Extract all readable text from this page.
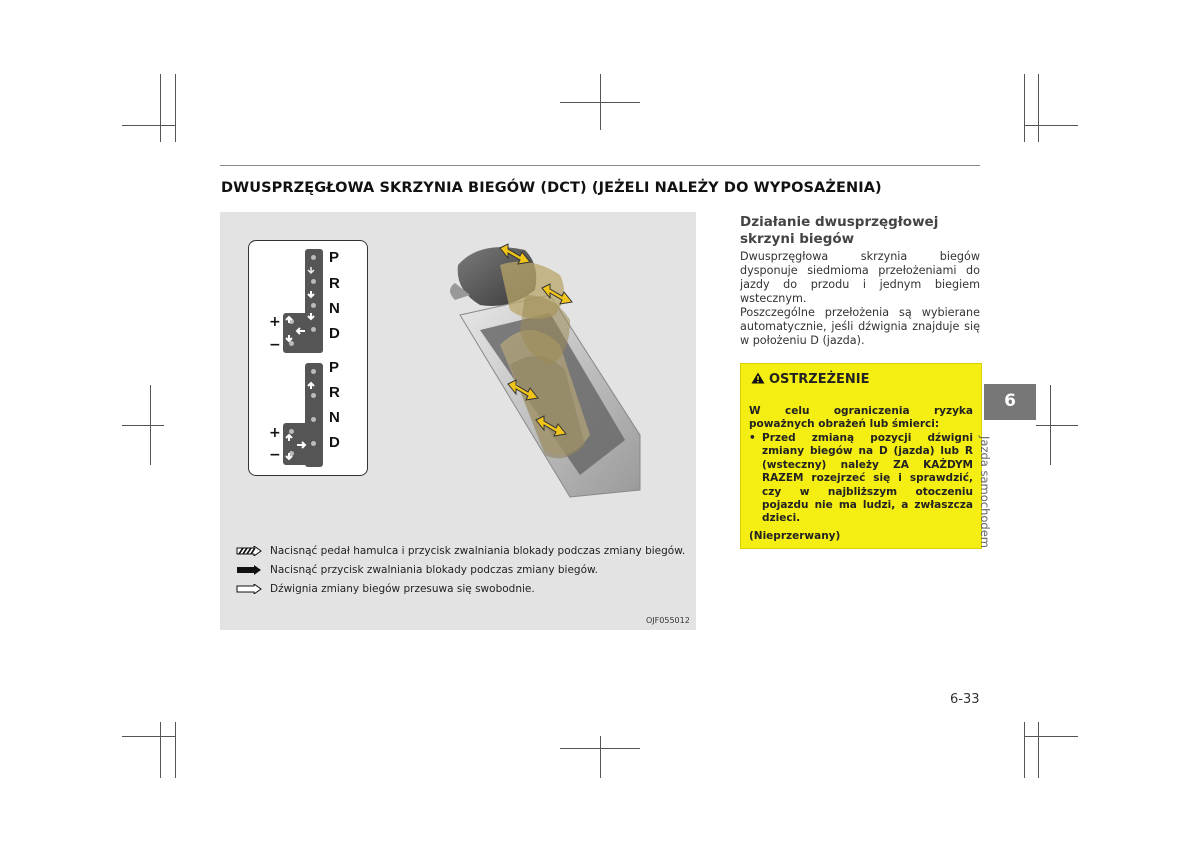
DWUSPRZĘGŁOWA SKRZYNIA BIEGÓW (DCT) (JEŻELI NALEŻY DO WYPOSAŻENIA)
P
R
N
D
P
R
N
D
+
−
+
−
Nacisnąć pedał hamulca i przycisk zwalniania blokady podczas zmiany biegów.
Nacisnąć przycisk zwalniania blokady podczas zmiany biegów.
Dźwignia zmiany biegów przesuwa się swobodnie.
OJF055012
Działanie dwusprzęgłowej
skrzyni biegów
Dwusprzęgłowa skrzynia biegów dysponuje siedmioma przełożeniami do jazdy do przodu i jednym biegiem wstecznym.
Poszczególne przełożenia są wybierane automatycznie, jeśli dźwignia znajduje się w położeniu D (jazda).
OSTRZEŻENIE
W celu ograniczenia ryzyka poważnych obrażeń lub śmierci:
• Przed zmianą pozycji dźwigni zmiany biegów na D (jazda) lub R (wsteczny) należy ZA KAŻDYM RAZEM rozejrzeć się i sprawdzić, czy w najbliższym otoczeniu pojazdu nie ma ludzi, a zwłaszcza dzieci.
(Nieprzerwany)
6
Jazda samochodem
6-33
